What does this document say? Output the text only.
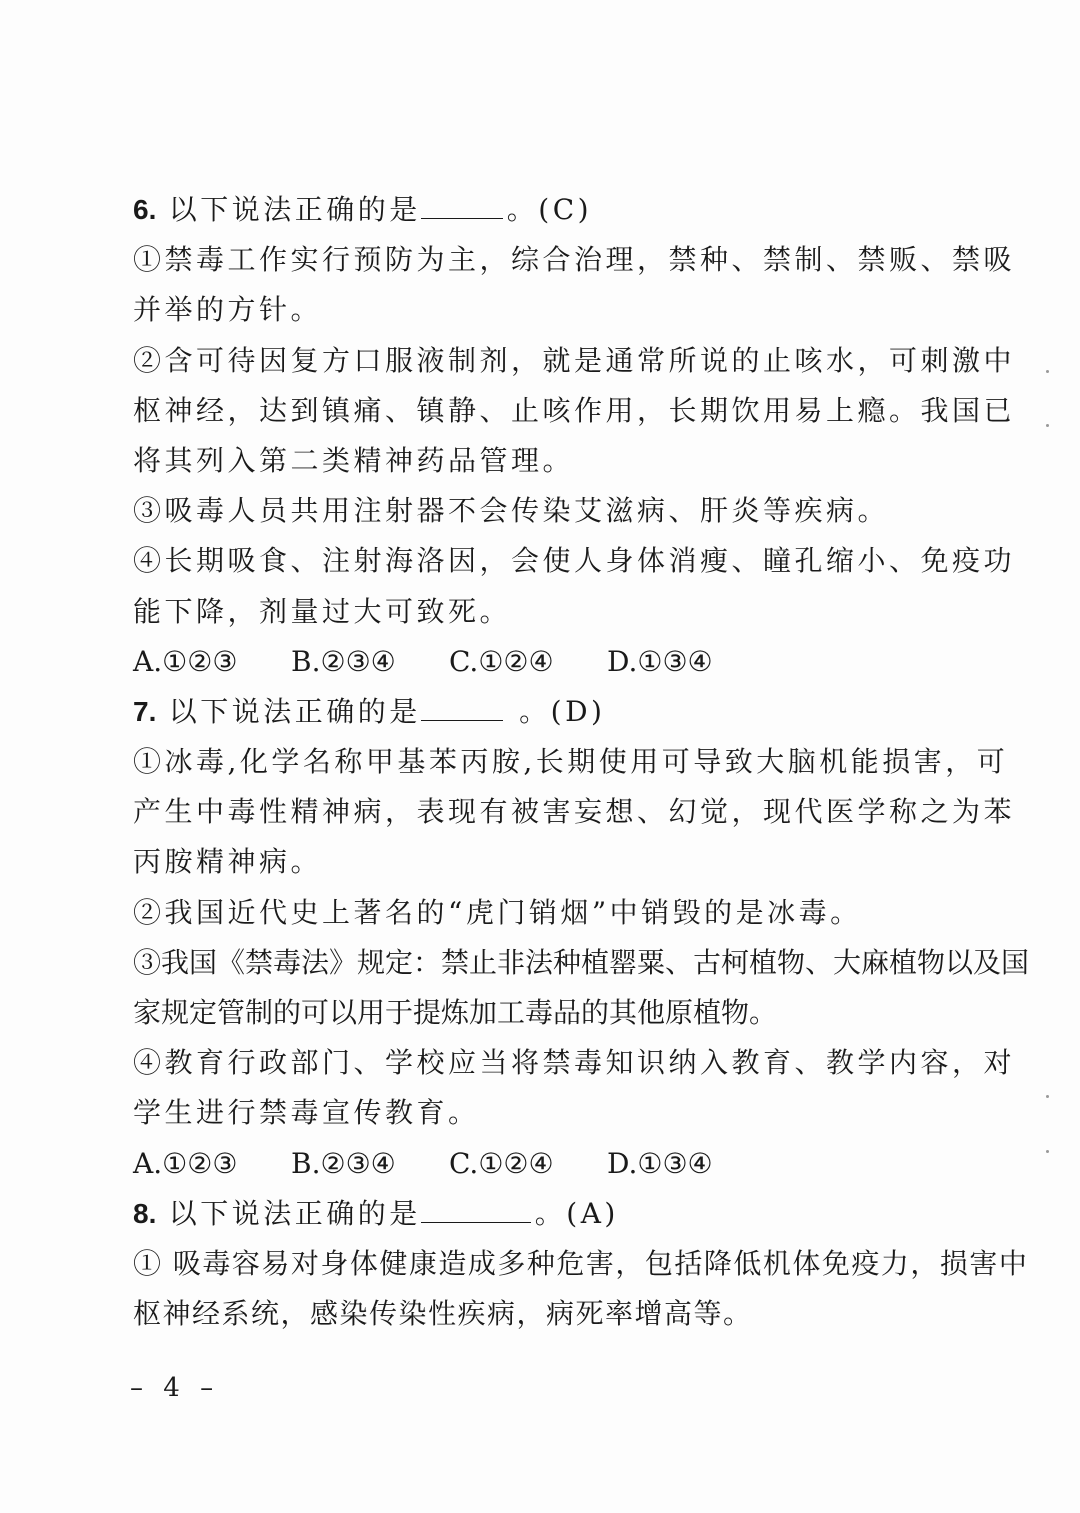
6. 以下说法正确的是	。(C)
①禁毒工作实行预防为主，综合治理，禁种、禁制、禁贩、禁吸
并举的方针。
②含可待因复方口服液制剂，就是通常所说的止咳水，可刺激中
枢神经，达到镇痛、镇静、止咳作用，长期饮用易上瘾。我国已
将其列入第二类精神药品管理。
③吸毒人员共用注射器不会传染艾滋病、肝炎等疾病。
④长期吸食、注射海洛因，会使人身体消瘦、瞳孔缩小、免疫功
能下降，剂量过大可致死。
A.①②③ B.②③④ C.①②④ D.①③④
7. 以下说法正确的是	。(D)
①冰毒,化学名称甲基苯丙胺,长期使用可导致大脑机能损害，可
产生中毒性精神病，表现有被害妄想、幻觉，现代医学称之为苯
丙胺精神病。
②我国近代史上著名的“虎门销烟”中销毁的是冰毒。
③我国《禁毒法》规定：禁止非法种植罂粟、古柯植物、大麻植物以及国
家规定管制的可以用于提炼加工毒品的其他原植物。
④教育行政部门、学校应当将禁毒知识纳入教育、教学内容，对
学生进行禁毒宣传教育。
A.①②③ B.②③④ C.①②④ D.①③④
8. 以下说法正确的是	。(A)
① 吸毒容易对身体健康造成多种危害，包括降低机体免疫力，损害中
枢神经系统，感染传染性疾病，病死率增高等。
– 4 –
